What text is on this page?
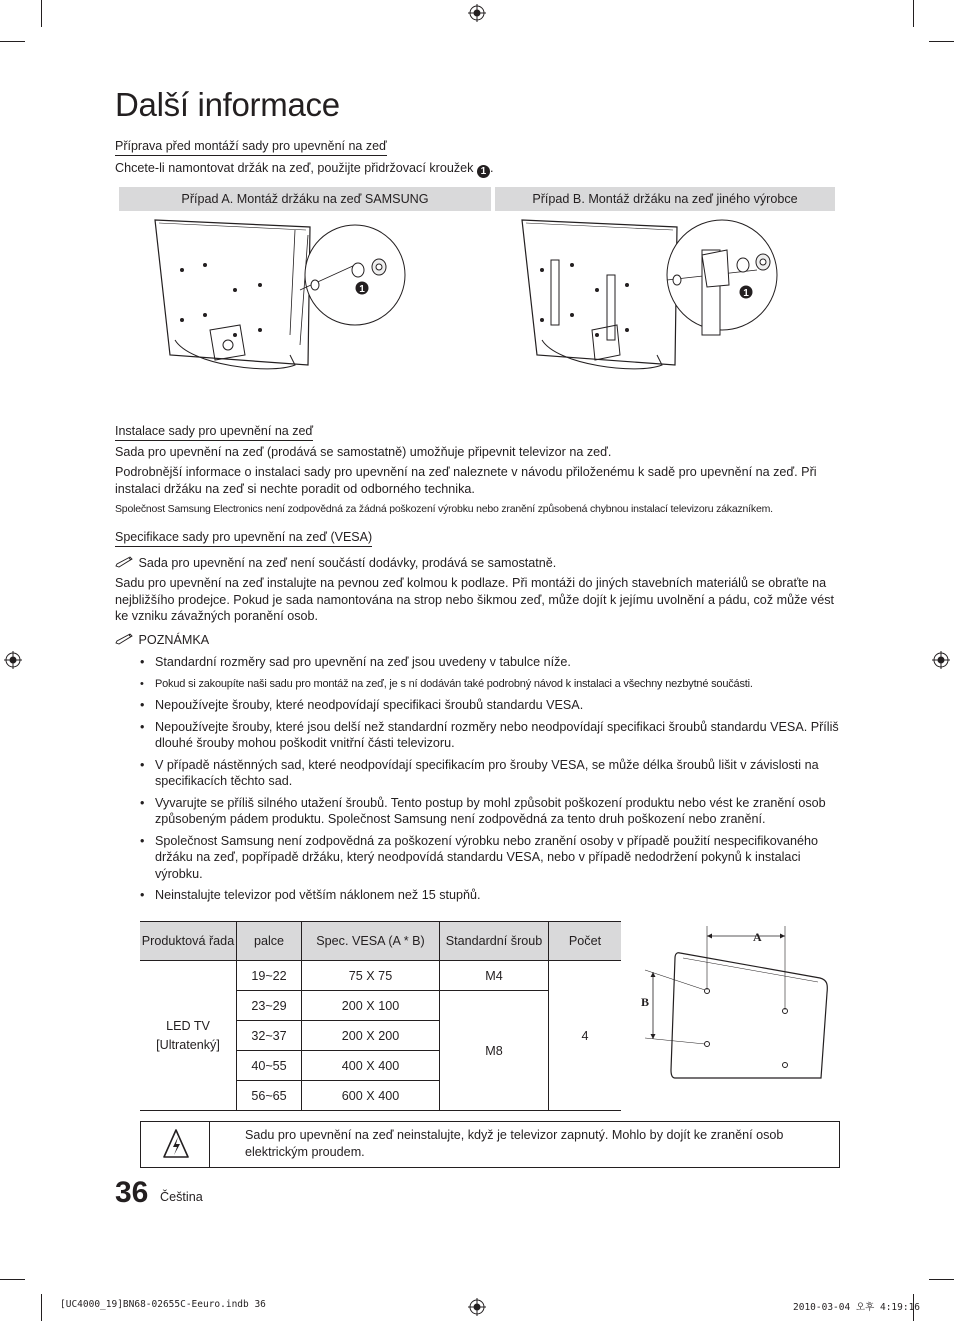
Další informace
Příprava před montáží sady pro upevnění na zeď
Chcete-li namontovat držák na zeď, použijte přidržovací kroužek 1 .
Případ A. Montáž držáku na zeď SAMSUNG	Případ B. Montáž držáku na zeď jiného výrobce
1	1
Instalace sady pro upevnění na zeď
Sada pro upevnění na zeď (prodává se samostatně) umožňuje připevnit televizor na zeď.
Podrobnější informace o instalaci sady pro upevnění na zeď naleznete v návodu přiloženému k sadě pro upevnění na zeď. Při instalaci držáku na zeď si nechte poradit od odborného technika.
Společnost Samsung Electronics není zodpovědná za žádná poškození výrobku nebo zranění způsobená chybnou instalací televizoru zákazníkem.
Specifikace sady pro upevnění na zeď (VESA)
Sada pro upevnění na zeď není součástí dodávky, prodává se samostatně.
Sadu pro upevnění na zeď instalujte na pevnou zeď kolmou k podlaze. Při montáži do jiných stavebních materiálů se obraťte na nejbližšího prodejce. Pokud je sada namontována na strop nebo šikmou zeď, může dojít k jejímu uvolnění a pádu, což může vést ke vzniku závažných poranění osob.
POZNÁMKA
• Standardní rozměry sad pro upevnění na zeď jsou uvedeny v tabulce níže.
• Pokud si zakoupíte naši sadu pro montáž na zeď, je s ní dodáván také podrobný návod k instalaci a všechny nezbytné součásti.
• Nepoužívejte šrouby, které neodpovídají specifikaci šroubů standardu VESA.
• Nepoužívejte šrouby, které jsou delší než standardní rozměry nebo neodpovídají specifikaci šroubů standardu VESA. Příliš dlouhé šrouby mohou poškodit vnitřní části televizoru.
• V případě nástěnných sad, které neodpovídají specifikacím pro šrouby VESA, se může délka šroubů lišit v závislosti na specifikacích těchto sad.
• Vyvarujte se příliš silného utažení šroubů. Tento postup by mohl způsobit poškození produktu nebo vést ke zranění osob způsobeným pádem produktu. Společnost Samsung není zodpovědná za tento druh poškození nebo zranění.
• Společnost Samsung není zodpovědná za poškození výrobku nebo zranění osoby v případě použití nespecifikovaného držáku na zeď, popřípadě držáku, který neodpovídá standardu VESA, nebo v případě nedodržení pokynů k instalaci výrobku.
• Neinstalujte televizor pod větším náklonem než 15 stupňů.
Produktová řada	palce	Spec. VESA (A * B)	Standardní šroub	Počet
LED TV [Ultratenký]	19~22	75 X 75	M4	4
	23~29	200 X 100	M8	
	32~37	200 X 200		
	40~55	400 X 400		
	56~65	600 X 400		
A
B
Sadu pro upevnění na zeď neinstalujte, když je televizor zapnutý. Mohlo by dojít ke zranění osob elektrickým proudem.
36 Čeština
[UC4000_19]BN68-02655C-Eeuro.indb 36	2010-03-04 오후 4:19:16
